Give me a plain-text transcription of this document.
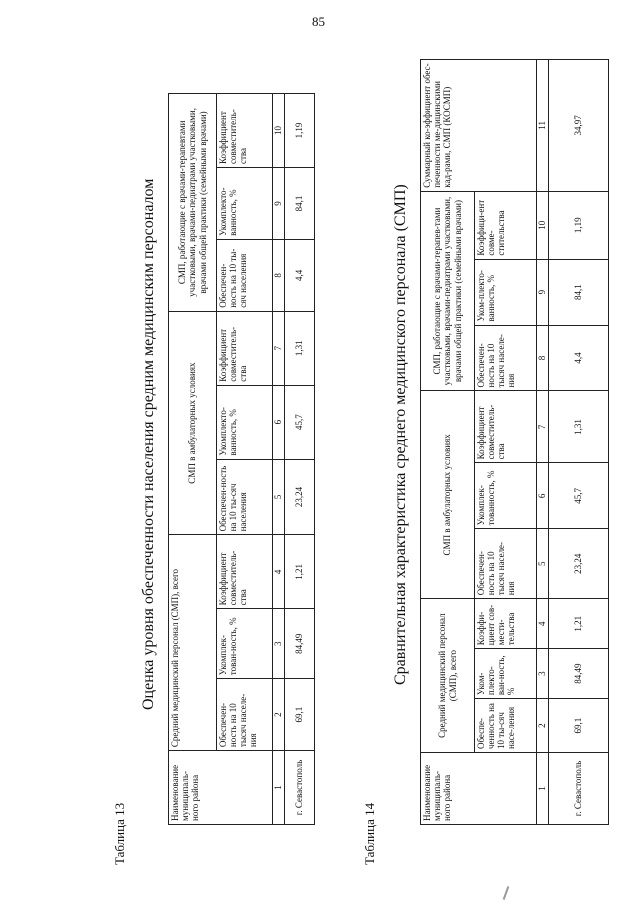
85
Таблица 13
Оценка уровня обеспеченности населения средним медицинским персоналом
Наименование муниципаль-ного района	Средний медицинский персонал (СМП), всего			СМП в амбулаторных условиях			СМП, работающие с врачами-терапевтами участковыми, врачами-педиатрами участковыми, врачами общей практики (семейными врачами)		
	Обеспечен-ность на 10 тысяч населе-ния	Укомплек-тован-ность, %	Коэффициент совместитель-ства	Обеспечен-ность на 10 ты-сяч населения	Укомплекто-ванность, %	Коэффициент совместитель-ства	Обеспечен-ность на 10 ты-сяч населения	Укомплекто-ванность, %	Коэффициент совместитель-ства
1	2	3	4	5	6	7	8	9	10
г. Севастополь	69,1	84,49	1,21	23,24	45,7	1,31	4,4	84,1	1,19
Таблица 14
Сравнительная характеристика среднего медицинского персонала (СМП)
Наименование муниципаль-ного района	Средний медицинский персонал (СМП), всего			СМП в амбулаторных условиях			СМП, работающие с врачами-терапев-тами участковыми, врачами-педиатрами участковыми, врачами общей практики (семейными врачами)			Суммарный ко-эффициент обес-печенности ме-дицинскими кад-рами, СМП (КОСМП)
	Обеспе-ченность на 10 ты-сяч насе-ления	Уком-плекто-ван-ность, %	Коэффи-циент сов-мести-тельства	Обеспечен-ность на 10 тысяч населе-ния	Укомплек-тованность, %	Коэффициент совместитель-ства	Обеспечен-ность на 10 тысяч населе-ния	Уком-плекто-ванность, %	Коэффици-ент совме-стительства	
1	2	3	4	5	6	7	8	9	10	11
г. Севастополь	69,1	84,49	1,21	23,24	45,7	1,31	4,4	84,1	1,19	34,97
